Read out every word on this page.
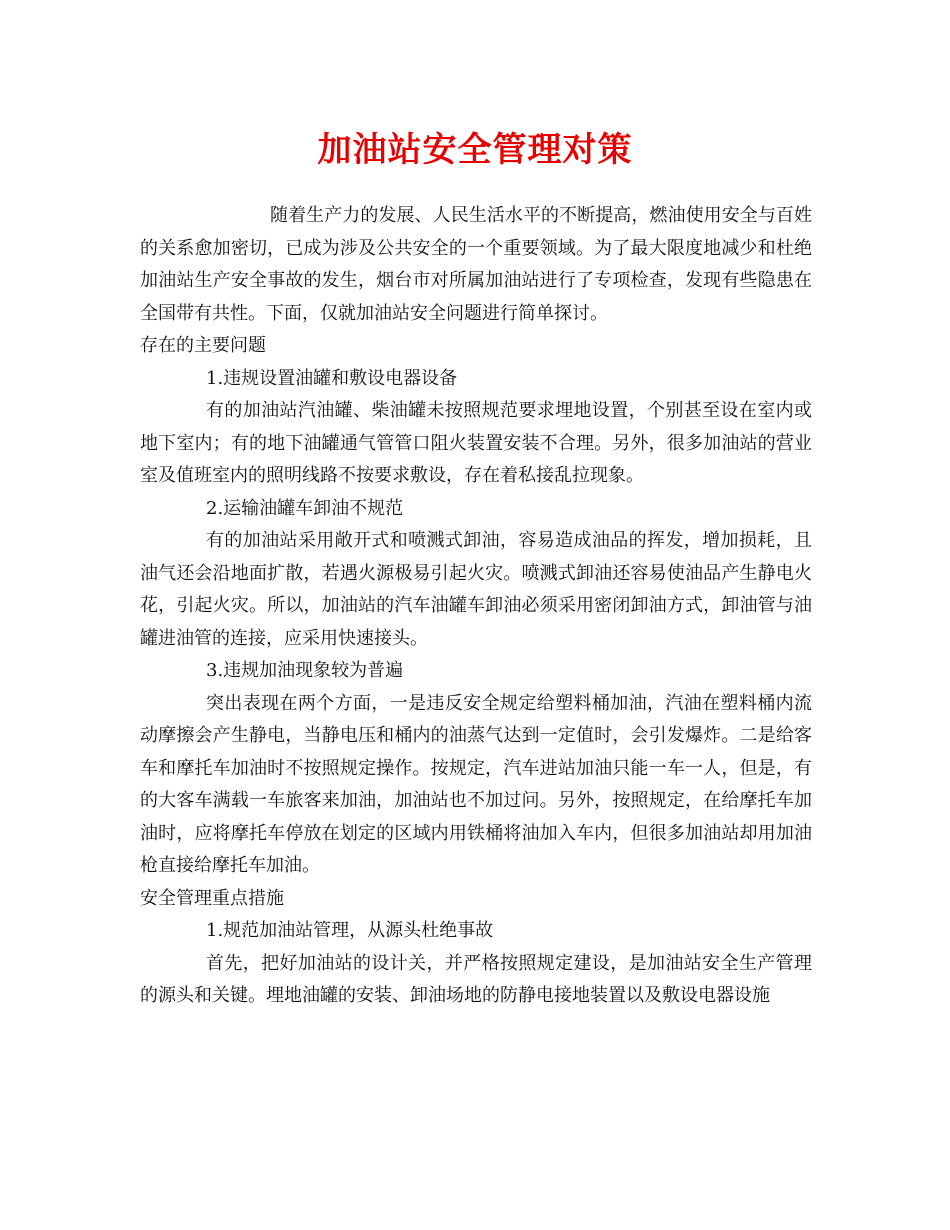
加油站安全管理对策

随着生产力的发展、人民生活水平的不断提高，燃油使用安全与百姓的关系愈加密切，已成为涉及公共安全的一个重要领域。为了最大限度地减少和杜绝加油站生产安全事故的发生，烟台市对所属加油站进行了专项检查，发现有些隐患在全国带有共性。下面，仅就加油站安全问题进行简单探讨。

存在的主要问题

1.违规设置油罐和敷设电器设备

有的加油站汽油罐、柴油罐未按照规范要求埋地设置，个别甚至设在室内或地下室内；有的地下油罐通气管管口阻火装置安装不合理。另外，很多加油站的营业室及值班室内的照明线路不按要求敷设，存在着私接乱拉现象。

2.运输油罐车卸油不规范

有的加油站采用敞开式和喷溅式卸油，容易造成油品的挥发，增加损耗，且油气还会沿地面扩散，若遇火源极易引起火灾。喷溅式卸油还容易使油品产生静电火花，引起火灾。所以，加油站的汽车油罐车卸油必须采用密闭卸油方式，卸油管与油罐进油管的连接，应采用快速接头。

3.违规加油现象较为普遍

突出表现在两个方面，一是违反安全规定给塑料桶加油，汽油在塑料桶内流动摩擦会产生静电，当静电压和桶内的油蒸气达到一定值时，会引发爆炸。二是给客车和摩托车加油时不按照规定操作。按规定，汽车进站加油只能一车一人，但是，有的大客车满载一车旅客来加油，加油站也不加过问。另外，按照规定，在给摩托车加油时，应将摩托车停放在划定的区域内用铁桶将油加入车内，但很多加油站却用加油枪直接给摩托车加油。

安全管理重点措施

1.规范加油站管理，从源头杜绝事故

首先，把好加油站的设计关，并严格按照规定建设，是加油站安全生产管理的源头和关键。埋地油罐的安装、卸油场地的防静电接地装置以及敷设电器设施
